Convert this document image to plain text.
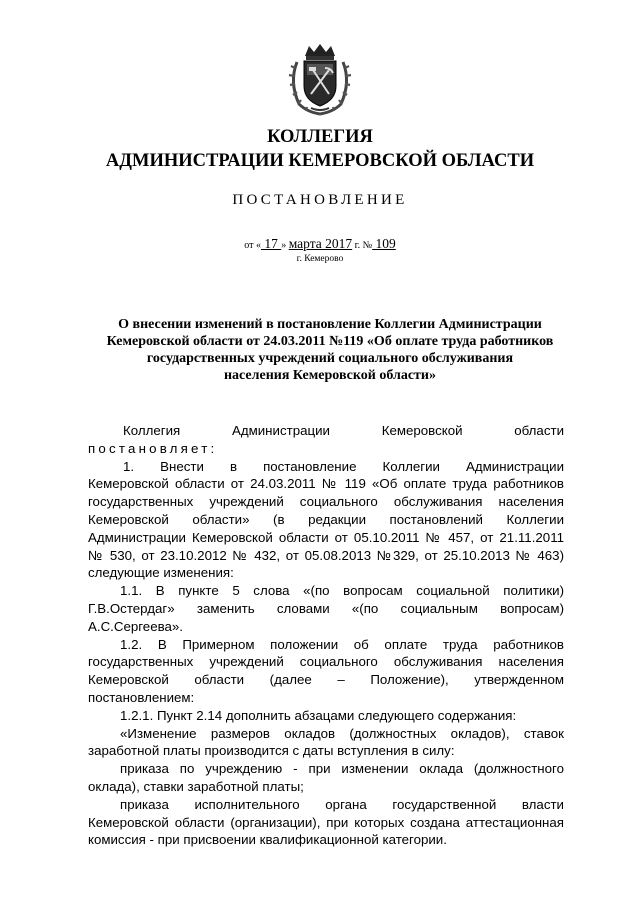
КОЛЛЕГИЯ
АДМИНИСТРАЦИИ КЕМЕРОВСКОЙ ОБЛАСТИ
ПОСТАНОВЛЕНИЕ
от « 17 » марта 2017 г. № 109
г. Кемерово
О внесении изменений в постановление Коллегии Администрации
Кемеровской области от 24.03.2011 №119 «Об оплате труда работников
государственных учреждений социального обслуживания
населения Кемеровской области»
Коллегия Администрации Кемеровской области
постановляет:
1. Внести в постановление Коллегии Администрации
Кемеровской области от 24.03.2011 № 119 «Об оплате труда работников
государственных учреждений социального обслуживания населения
Кемеровской области» (в редакции постановлений Коллегии
Администрации Кемеровской области от 05.10.2011 № 457, от 21.11.2011
№ 530, от 23.10.2012 № 432, от 05.08.2013 №329, от 25.10.2013 № 463)
следующие изменения:
1.1. В пункте 5 слова «(по вопросам социальной политики)
Г.В.Остердаг» заменить словами «(по социальным вопросам)
А.С.Сергеева».
1.2. В Примерном положении об оплате труда работников
государственных учреждений социального обслуживания населения
Кемеровской области (далее – Положение), утвержденном
постановлением:
1.2.1. Пункт 2.14 дополнить абзацами следующего содержания:
«Изменение размеров окладов (должностных окладов), ставок
заработной платы производится с даты вступления в силу:
приказа по учреждению - при изменении оклада (должностного
оклада), ставки заработной платы;
приказа исполнительного органа государственной власти
Кемеровской области (организации), при которых создана аттестационная
комиссия - при присвоении квалификационной категории.
